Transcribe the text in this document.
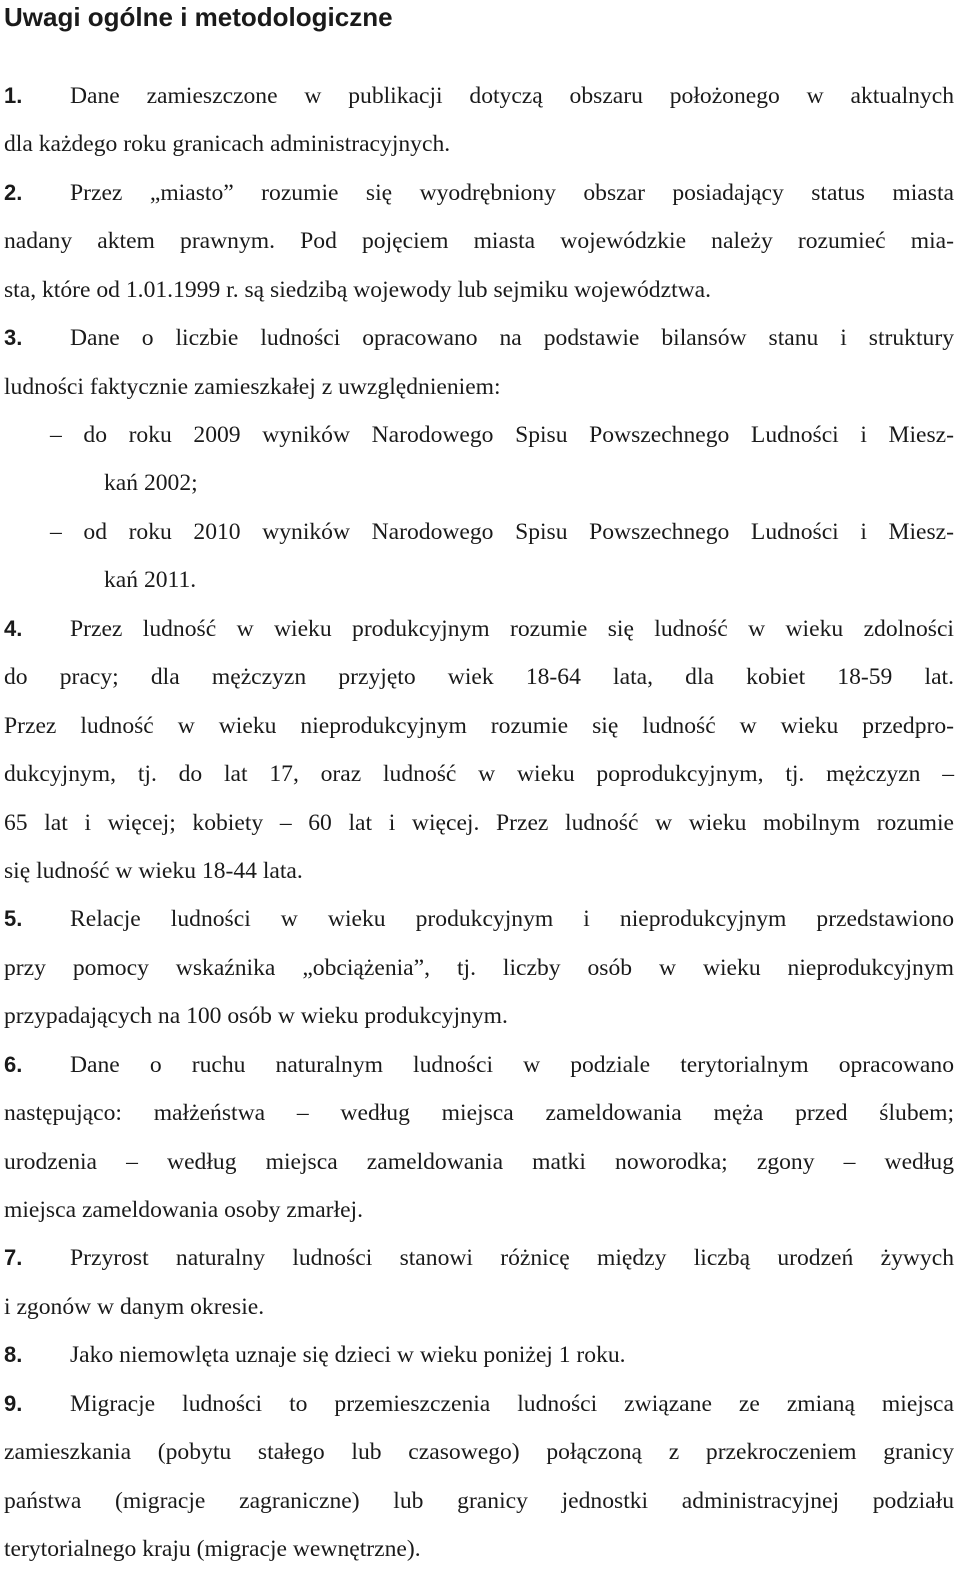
Uwagi ogólne i metodologiczne

1. Dane zamieszczone w publikacji dotyczą obszaru położonego w aktualnych

dla każdego roku granicach administracyjnych.

2. Przez „miasto” rozumie się wyodrębniony obszar posiadający status miasta

nadany aktem prawnym. Pod pojęciem miasta wojewódzkie należy rozumieć mia-

sta, które od 1.01.1999 r. są siedzibą wojewody lub sejmiku województwa.

3. Dane o liczbie ludności opracowano na podstawie bilansów stanu i struktury

ludności faktycznie zamieszkałej z uwzględnieniem:

– do roku 2009 wyników Narodowego Spisu Powszechnego Ludności i Miesz-

kań 2002;

– od roku 2010 wyników Narodowego Spisu Powszechnego Ludności i Miesz-

kań 2011.

4. Przez ludność w wieku produkcyjnym rozumie się ludność w wieku zdolności

do pracy; dla mężczyzn przyjęto wiek 18-64 lata, dla kobiet 18-59 lat.

Przez ludność w wieku nieprodukcyjnym rozumie się ludność w wieku przedpro-

dukcyjnym, tj. do lat 17, oraz ludność w wieku poprodukcyjnym, tj. mężczyzn –

65 lat i więcej; kobiety – 60 lat i więcej. Przez ludność w wieku mobilnym rozumie

się ludność w wieku 18-44 lata.

5. Relacje ludności w wieku produkcyjnym i nieprodukcyjnym przedstawiono

przy pomocy wskaźnika „obciążenia”, tj. liczby osób w wieku nieprodukcyjnym

przypadających na 100 osób w wieku produkcyjnym.

6. Dane o ruchu naturalnym ludności w podziale terytorialnym opracowano

następująco: małżeństwa – według miejsca zameldowania męża przed ślubem;

urodzenia – według miejsca zameldowania matki noworodka; zgony – według

miejsca zameldowania osoby zmarłej.

7. Przyrost naturalny ludności stanowi różnicę między liczbą urodzeń żywych

i zgonów w danym okresie.

8. Jako niemowlęta uznaje się dzieci w wieku poniżej 1 roku.

9. Migracje ludności to przemieszczenia ludności związane ze zmianą miejsca

zamieszkania (pobytu stałego lub czasowego) połączoną z przekroczeniem granicy

państwa (migracje zagraniczne) lub granicy jednostki administracyjnej podziału

terytorialnego kraju (migracje wewnętrzne).
